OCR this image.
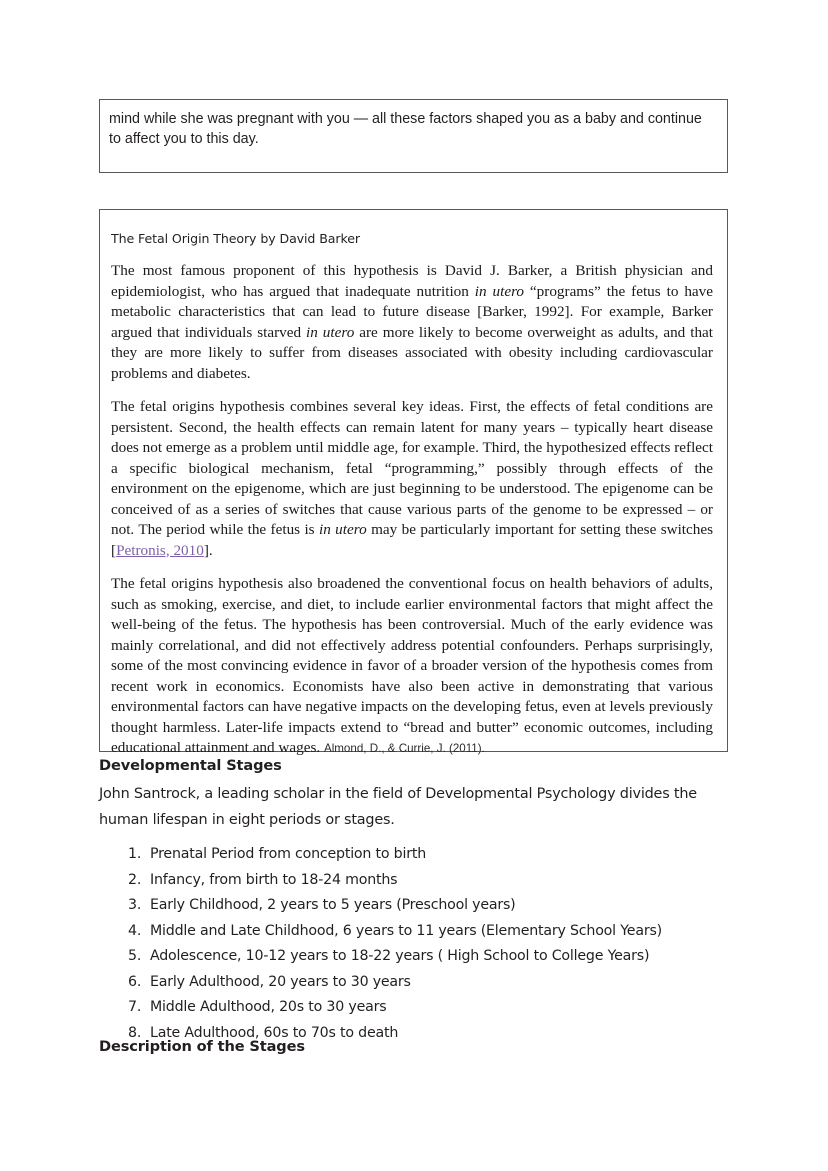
mind while she was pregnant with you — all these factors shaped you as a baby and continue to affect you to this day.
The Fetal Origin Theory by David Barker

The most famous proponent of this hypothesis is David J. Barker, a British physician and epidemiologist, who has argued that inadequate nutrition in utero “programs” the fetus to have metabolic characteristics that can lead to future disease [Barker, 1992]. For example, Barker argued that individuals starved in utero are more likely to become overweight as adults, and that they are more likely to suffer from diseases associated with obesity including cardiovascular problems and diabetes.

The fetal origins hypothesis combines several key ideas. First, the effects of fetal conditions are persistent. Second, the health effects can remain latent for many years – typically heart disease does not emerge as a problem until middle age, for example. Third, the hypothesized effects reflect a specific biological mechanism, fetal “programming,” possibly through effects of the environment on the epigenome, which are just beginning to be understood. The epigenome can be conceived of as a series of switches that cause various parts of the genome to be expressed – or not. The period while the fetus is in utero may be particularly important for setting these switches [Petronis, 2010].

The fetal origins hypothesis also broadened the conventional focus on health behaviors of adults, such as smoking, exercise, and diet, to include earlier environmental factors that might affect the well-being of the fetus. The hypothesis has been controversial. Much of the early evidence was mainly correlational, and did not effectively address potential confounders. Perhaps surprisingly, some of the most convincing evidence in favor of a broader version of the hypothesis comes from recent work in economics. Economists have also been active in demonstrating that various environmental factors can have negative impacts on the developing fetus, even at levels previously thought harmless. Later-life impacts extend to “bread and butter” economic outcomes, including educational attainment and wages. Almond, D., & Currie, J. (2011).

Developmental Stages

John Santrock, a leading scholar in the field of Developmental Psychology divides the human lifespan in eight periods or stages.

1. Prenatal Period from conception to birth
2. Infancy, from birth to 18-24 months
3. Early Childhood, 2 years to 5 years (Preschool years)
4. Middle and Late Childhood, 6 years to 11 years (Elementary School Years)
5. Adolescence, 10-12 years to 18-22 years ( High School to College Years)
6. Early Adulthood, 20 years to 30 years
7. Middle Adulthood, 20s to 30 years
8. Late Adulthood, 60s to 70s to death
Description of the Stages
